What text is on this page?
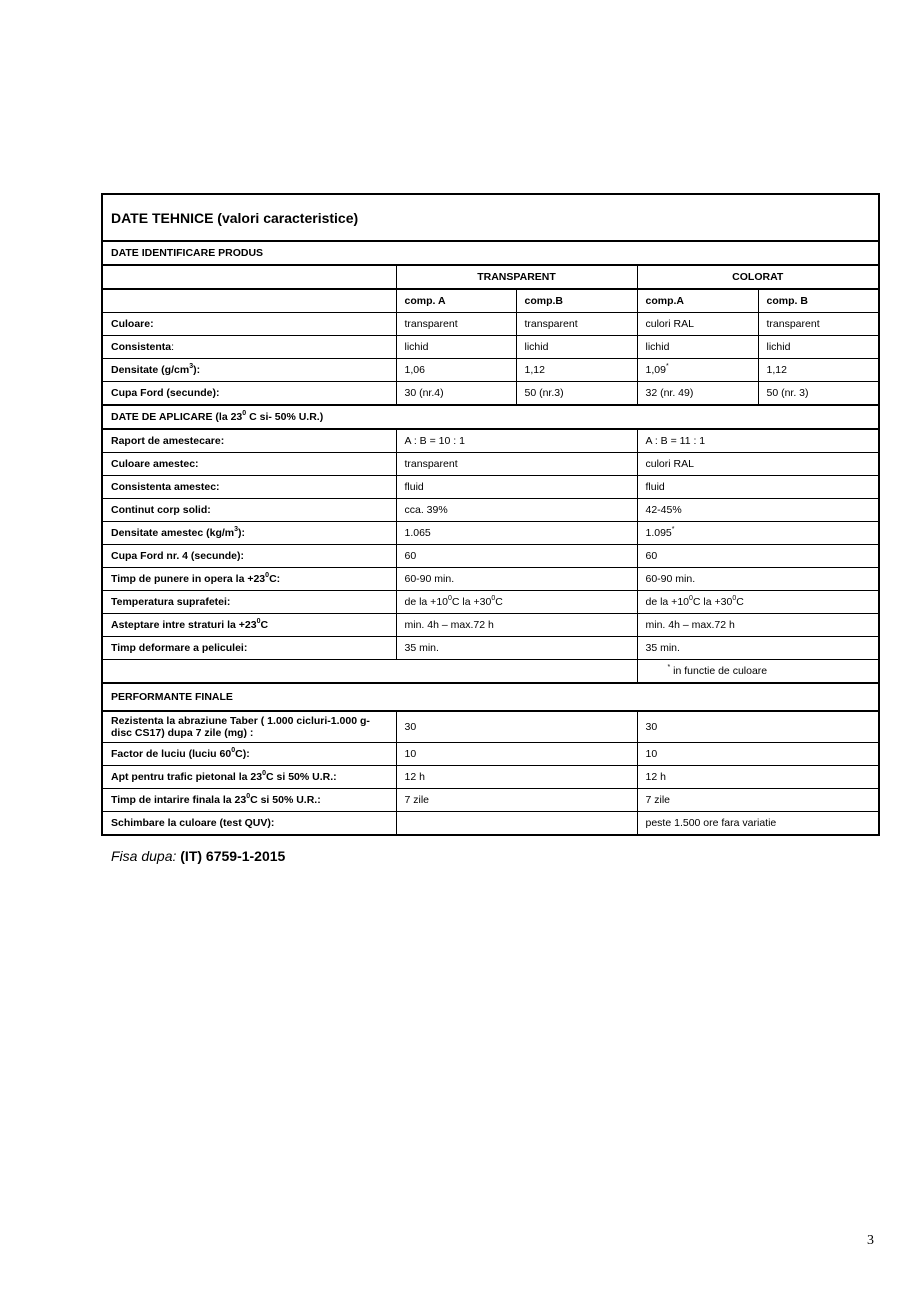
DATE TEHNICE (valori caracteristice)				
DATE IDENTIFICARE PRODUS				
	TRANSPARENT		COLORAT	
	comp. A	comp.B	comp.A	comp. B
Culoare:	transparent	transparent	culori RAL	transparent
Consistenta:	lichid	lichid	lichid	lichid
Densitate $(g/cm^3)$:	1,06	1,12	1,09*	1,12
Cupa Ford (secunde):	30 (nr.4)	50 (nr.3)	32 (nr. 49)	50 (nr. 3)
DATE DE APLICARE (la $23^0$ C si- 50% U.R.)				
Raport de amestecare:	A : B = 10 : 1		A : B = 11 : 1	
Culoare amestec:	transparent		culori RAL	
Consistenta amestec:	fluid		fluid	
Continut corp solid:	cca. 39%		42-45%	
Densitate amestec $(kg/m^3)$:	1.065		1.095*
Cupa Ford nr. 4 (secunde):	60		60	
Timp de punere in opera la $+23^0C$:	60-90 min.		60-90 min.	
Temperatura suprafetei:	de la $+10^0C$ la $+30^0C$		de la $+10^0C$ la $+30^0C$	
Asteptare intre straturi la $+23^0C$	min. 4h – max.72 h		min. 4h – max.72 h	
Timp deformare a peliculei:	35 min.		35 min.	
			* in functie de culoare	
PERFORMANTE FINALE				
Rezistenta la abraziune Taber ( 1.000 cicluri-1.000 g-disc CS17) dupa 7 zile (mg) :	30		30	
Factor de luciu (luciu $60^0C$):	10		10	
Apt pentru trafic pietonal la $23^0C$ si 50% U.R.:	12 h		12 h	
Timp de intarire finala la $23^0C$ si 50% U.R.:	7 zile		7 zile	
Schimbare la culoare (test QUV):			peste 1.500 ore fara variatie	
Fisa dupa: (IT) 6759-1-2015
3
